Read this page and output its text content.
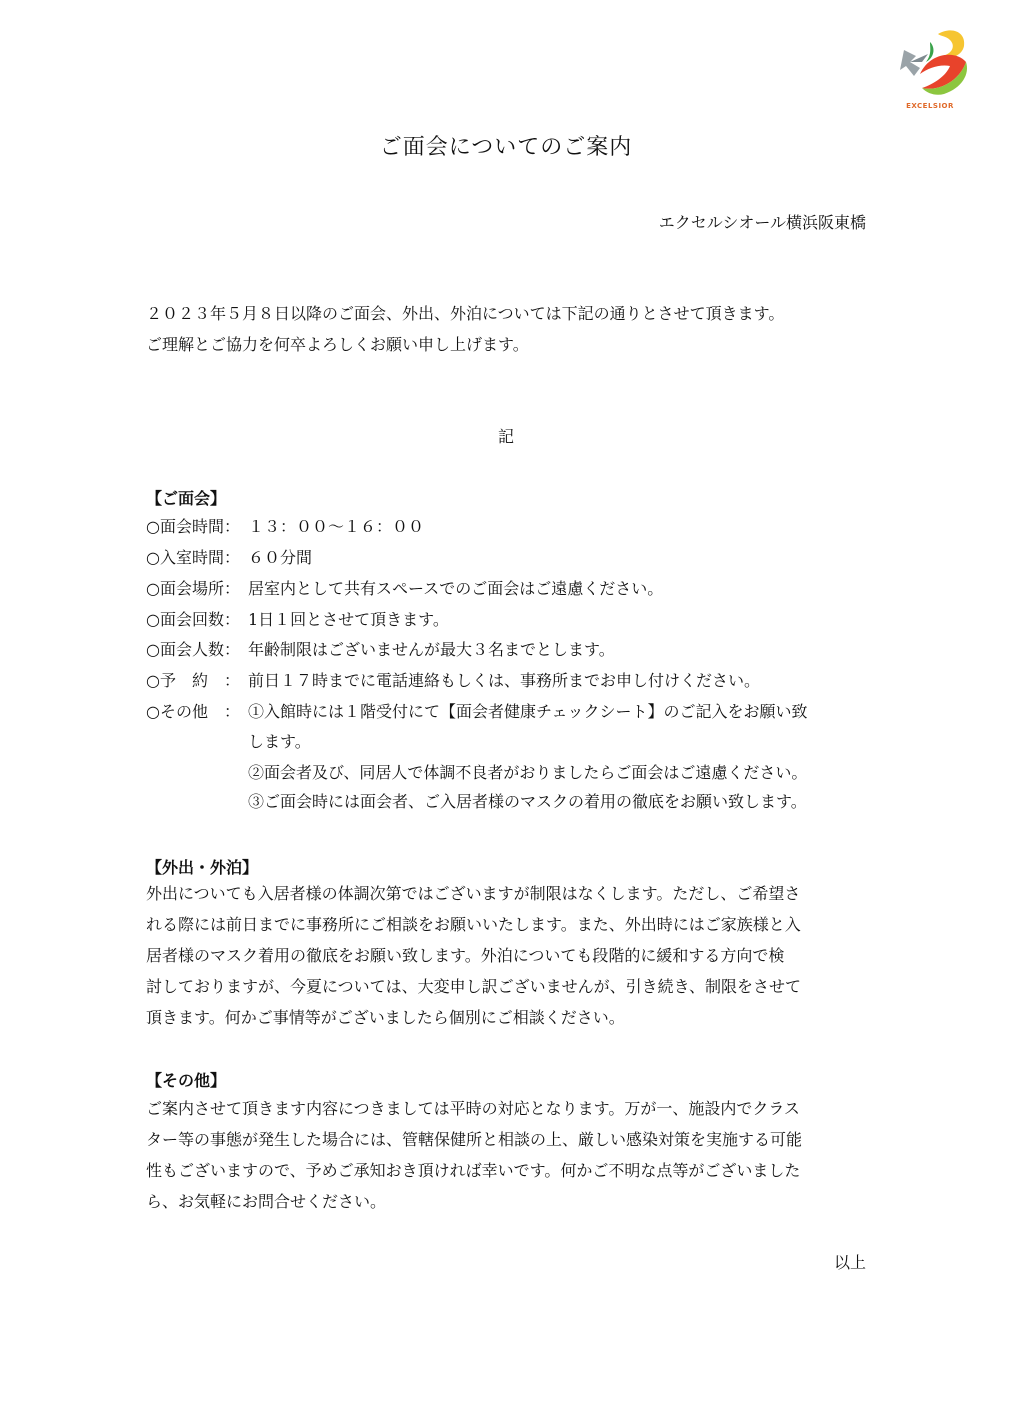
EXCELSIOR
ご面会についてのご案内
エクセルシオール横浜阪東橋
２０２３年５月８日以降のご面会、外出、外泊については下記の通りとさせて頂きます。
ご理解とご協力を何卒よろしくお願い申し上げます。
記
【ご面会】
○面会時間： １３：００～１６：００
○入室時間： ６０分間
○面会場所： 居室内として共有スペースでのご面会はご遠慮ください。
○面会回数： 1日１回とさせて頂きます。
○面会人数： 年齢制限はございませんが最大３名までとします。
○予　約　： 前日１７時までに電話連絡もしくは、事務所までお申し付けください。
○その他　： ①入館時には１階受付にて【面会者健康チェックシート】のご記入をお願い致
します。
②面会者及び、同居人で体調不良者がおりましたらご面会はご遠慮ください。
③ご面会時には面会者、ご入居者様のマスクの着用の徹底をお願い致します。
【外出・外泊】
外出についても入居者様の体調次第ではございますが制限はなくします。ただし、ご希望さ
れる際には前日までに事務所にご相談をお願いいたします。また、外出時にはご家族様と入
居者様のマスク着用の徹底をお願い致します。外泊についても段階的に緩和する方向で検
討しておりますが、今夏については、大変申し訳ございませんが、引き続き、制限をさせて
頂きます。何かご事情等がございましたら個別にご相談ください。
【その他】
ご案内させて頂きます内容につきましては平時の対応となります。万が一、施設内でクラス
ター等の事態が発生した場合には、管轄保健所と相談の上、厳しい感染対策を実施する可能
性もございますので、予めご承知おき頂ければ幸いです。何かご不明な点等がございました
ら、お気軽にお問合せください。
以上
